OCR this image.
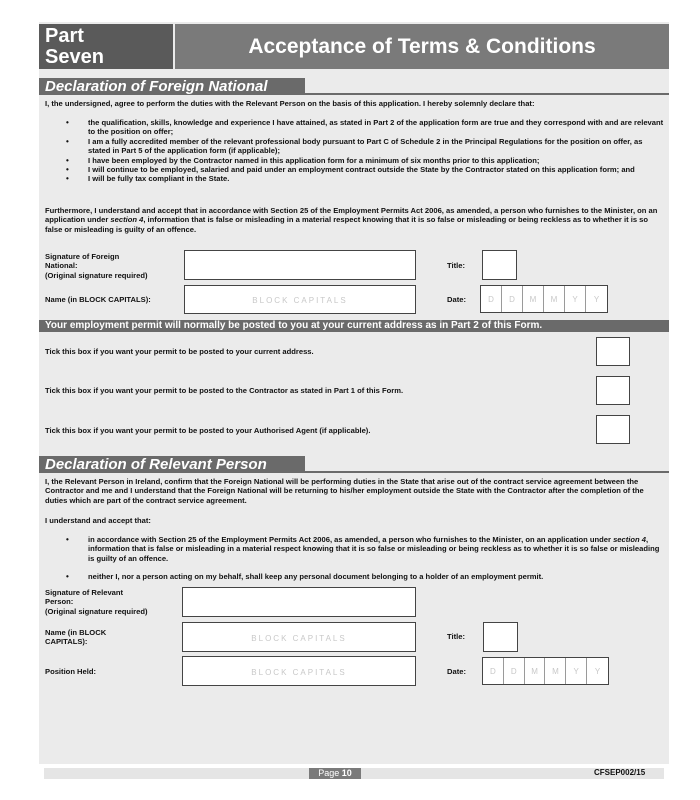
Part
Seven	Acceptance of Terms & Conditions
Declaration of Foreign National
I, the undersigned, agree to perform the duties with the Relevant Person on the basis of this application. I hereby solemnly declare that:
• the qualification, skills, knowledge and experience I have attained, as stated in Part 2 of the application form are true and they correspond with and are relevant to the position on offer;
• I am a fully accredited member of the relevant professional body pursuant to Part C of Schedule 2 in the Principal Regulations for the position on offer, as stated in Part 5 of the application form (if applicable);
• I have been employed by the Contractor named in this application form for a minimum of six months prior to this application;
• I will continue to be employed, salaried and paid under an employment contract outside the State by the Contractor stated on this application form; and
• I will be fully tax compliant in the State.
Furthermore, I understand and accept that in accordance with Section 25 of the Employment Permits Act 2006, as amended, a person who furnishes to the Minister, on an application under section 4, information that is false or misleading in a material respect knowing that it is so false or misleading or being reckless as to whether it is so false or misleading is guilty of an offence.
Signature of Foreign
National:
(Original signature required)
Title:
Name (in BLOCK CAPITALS):	BLOCK CAPITALS	Date:	D	D	M	M	Y	Y
Your employment permit will normally be posted to you at your current address as in Part 2 of this Form.
Tick this box if you want your permit to be posted to your current address.
Tick this box if you want your permit to be posted to the Contractor as stated in Part 1 of this Form.
Tick this box if you want your permit to be posted to your Authorised Agent (if applicable).
Declaration of Relevant Person
I, the Relevant Person in Ireland, confirm that the Foreign National will be performing duties in the State that arise out of the contract service agreement between the Contractor and me and I understand that the Foreign National will be returning to his/her employment outside the State with the Contractor after the completion of the duties which are part of the contract service agreement.
I understand and accept that:
• in accordance with Section 25 of the Employment Permits Act 2006, as amended, a person who furnishes to the Minister, on an application under section 4, information that is false or misleading in a material respect knowing that it is so false or misleading or being reckless as to whether it is so false or misleading is guilty of an offence.
• neither I, nor a person acting on my behalf, shall keep any personal document belonging to a holder of an employment permit.
Signature of Relevant
Person:
(Original signature required)
Name (in BLOCK
CAPITALS):	BLOCK CAPITALS	Title:
Position Held:	BLOCK CAPITALS	Date:	D	D	M	M	Y	Y
Page 10	CFSEP002/15
